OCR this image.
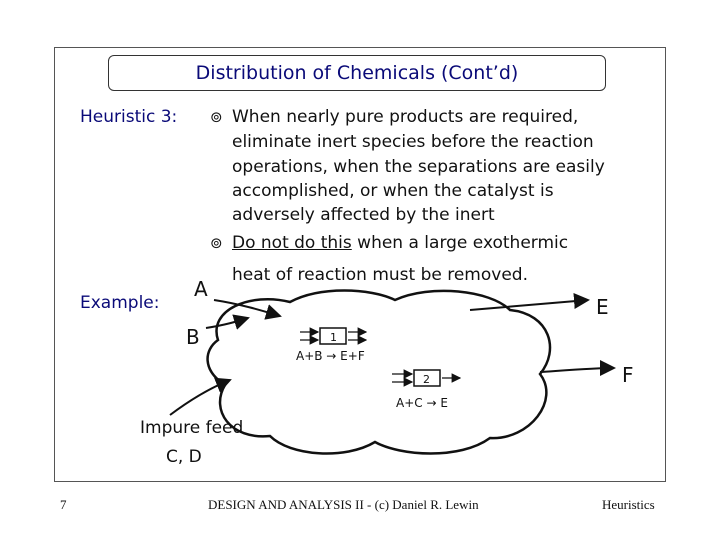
Distribution of Chemicals (Cont’d)
Heuristic 3: ⊚ When nearly pure products are required,
eliminate inert species before the reaction
operations, when the separations are easily
accomplished, or when the catalyst is
adversely affected by the inert
⊚ Do not do this when a large exothermic
heat of reaction must be removed.
Example:
A
B
E
F
Impure feed
C, D
1
A+B → E+F
2
A+C → E
7	DESIGN AND ANALYSIS II - (c) Daniel R. Lewin	Heuristics
